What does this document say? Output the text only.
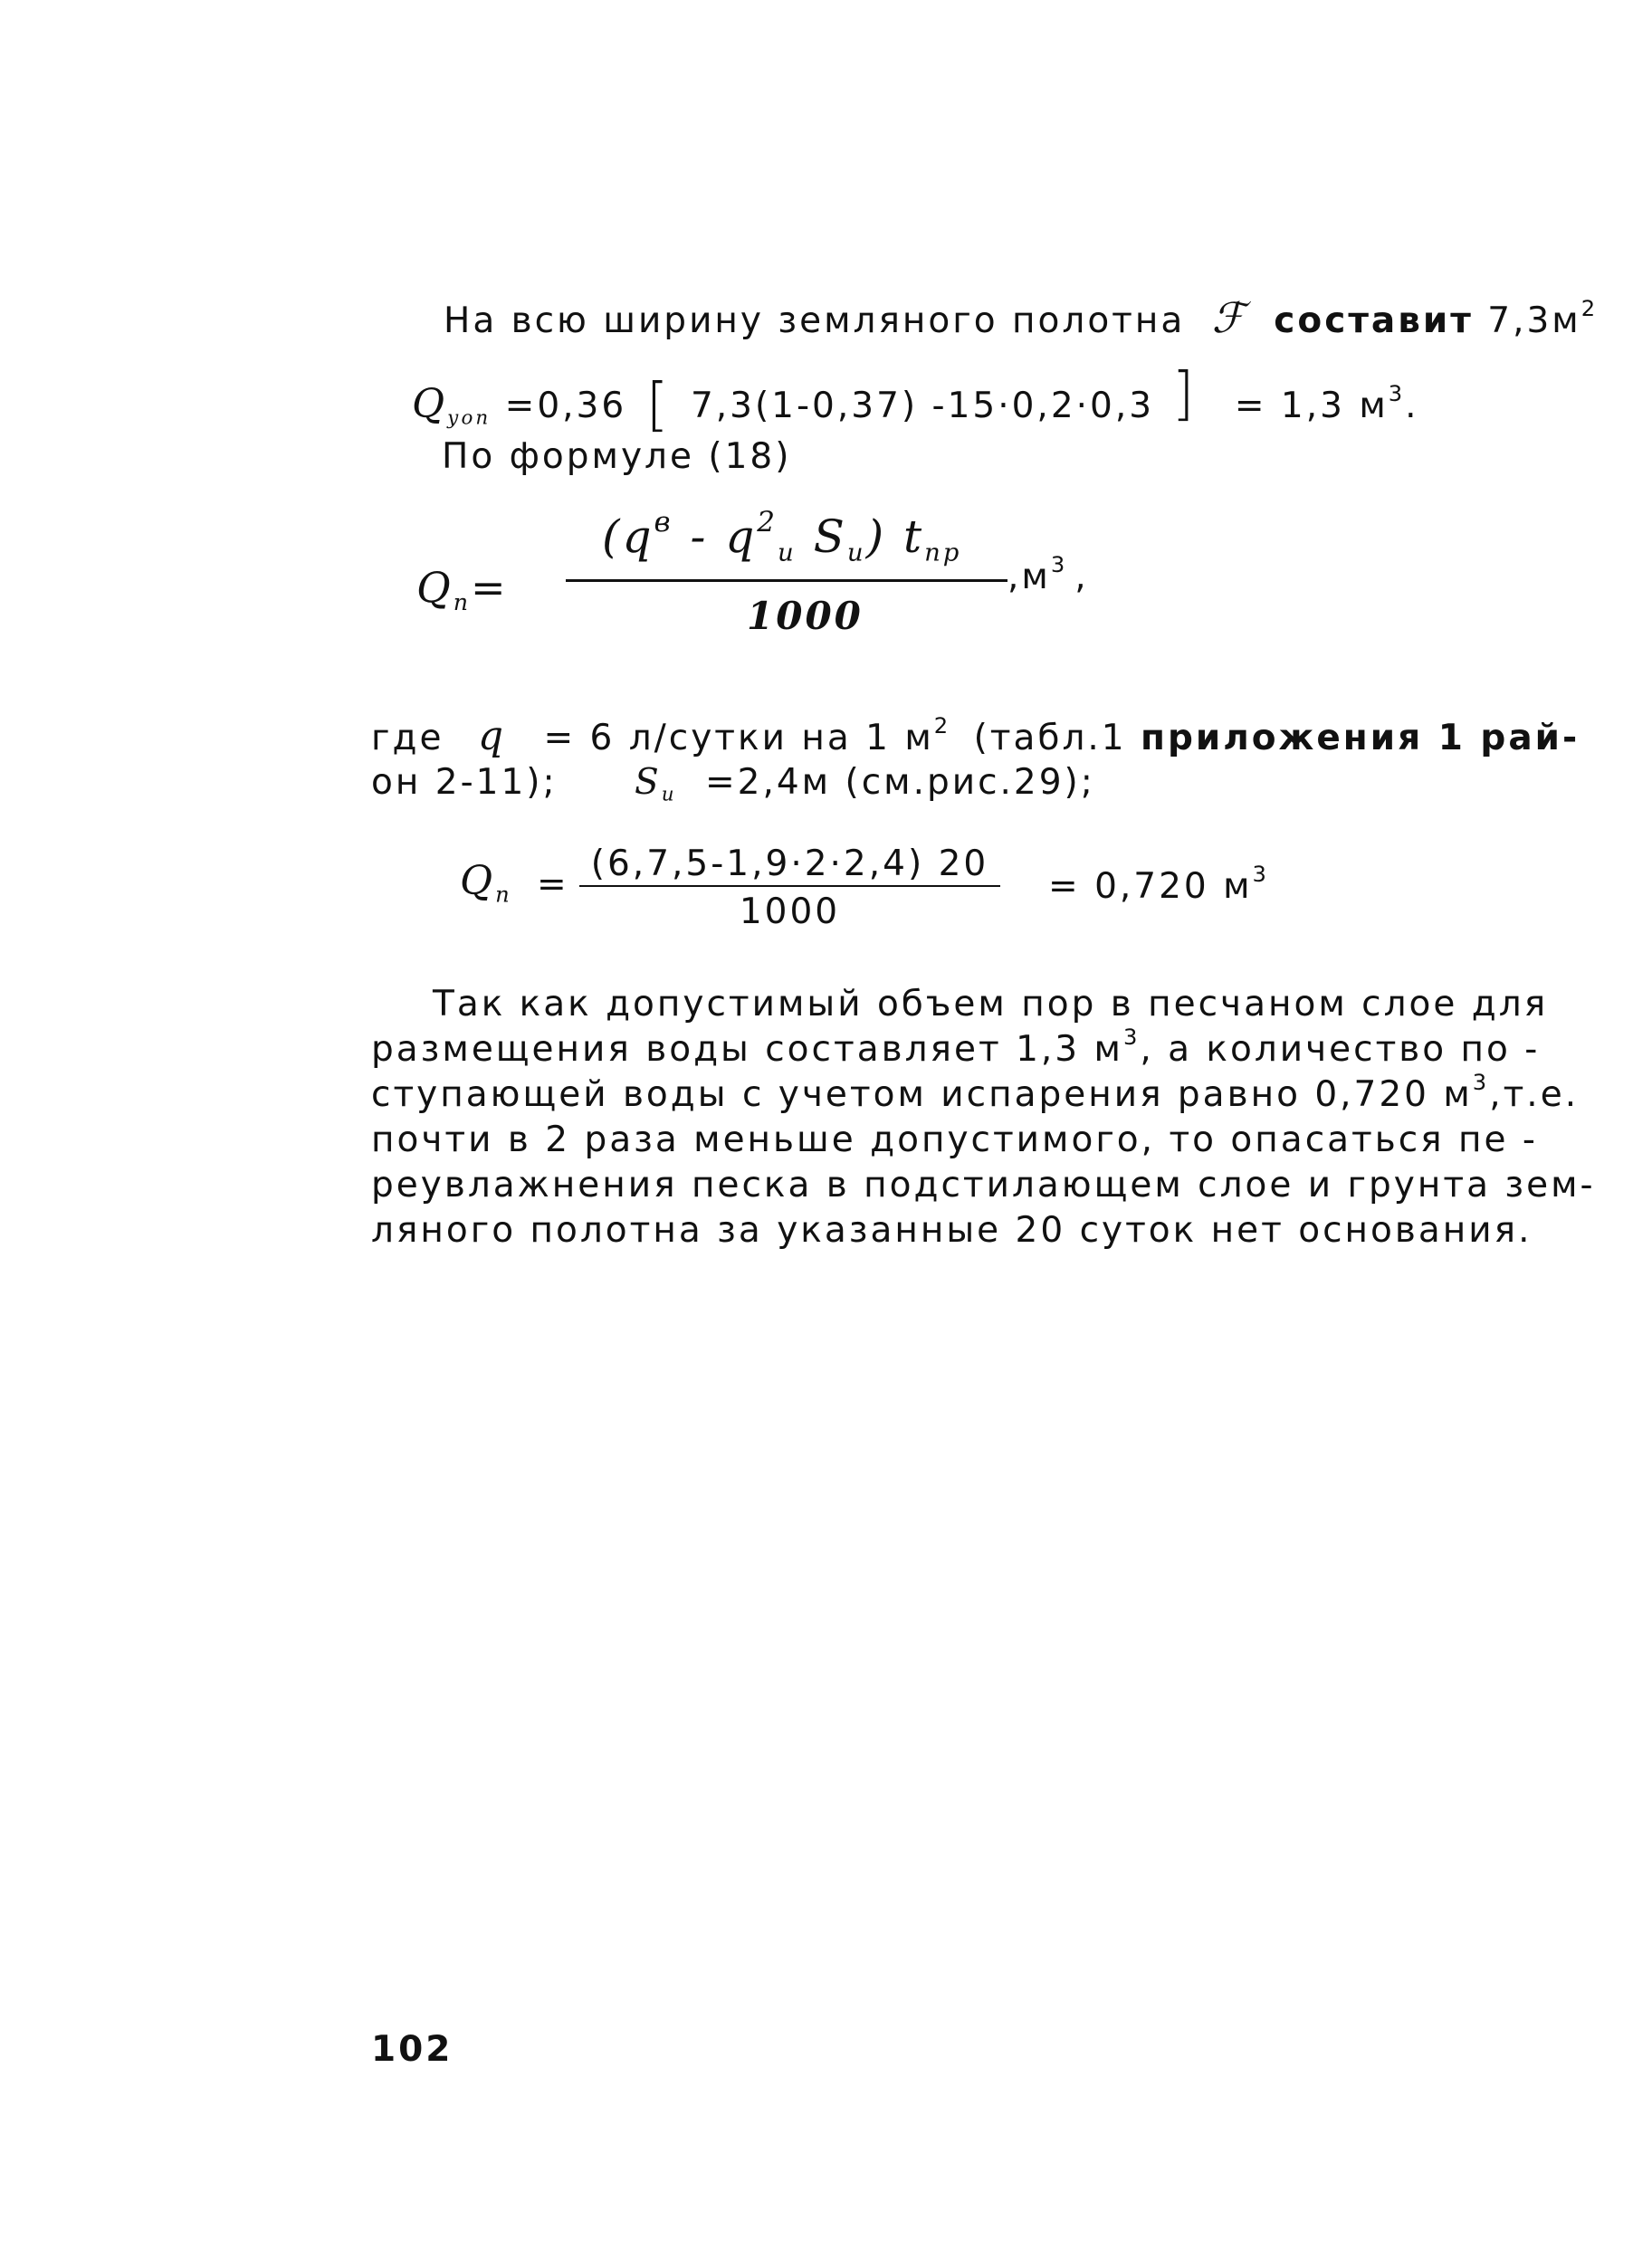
На всю ширину земляного полотна ℱ составит $7,3м^2$
$Q_{уоп} =0,36$ [ 7,3(1-0,37) -15·0,2·0,3 ] = 1,3 $м^3$.
По формуле (18)
$Q_п=$
($q^в - q^2_и$ $S_и$) $t_{пр}$
$,м^3$ ,
1000
где q = 6 л/сутки на 1 $м^2$ (табл.1 приложения 1 рай-
он 2-11); $S_и =2,4м$ (см.рис.29);
$Q_п$ =
(6,7,5-1,9·2·2,4) 20
1000
= 0,720 $м^3$
Так как допустимый объем пор в песчаном слое для
размещения воды составляет 1,3 $м^3$, а количество по -
ступающей воды с учетом испарения равно 0,720 $м^3,т.е$.
почти в 2 раза меньше допустимого, то опасаться пе -
реувлажнения песка в подстилающем слое и грунта зем-
ляного полотна за указанные 20 суток нет основания.
102
